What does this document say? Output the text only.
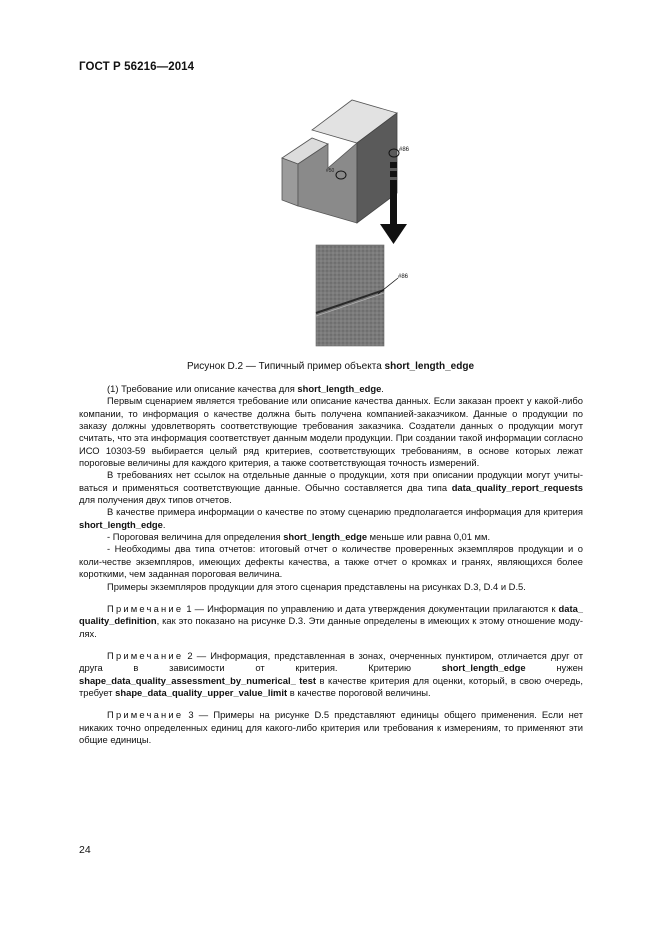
ГОСТ Р 56216—2014
#86
#50
#86
Рисунок D.2 — Типичный пример объекта short_length_edge

(1) Требование или описание качества для short_length_edge.

Первым сценарием является требование или описание качества данных. Если заказан проект у какой-либо компании, то информация о качестве должна быть получена компанией-заказчиком. Данные о продукции по заказу должны удовлетворять соответствующие требования заказчика. Создатели данных о продукции могут считать, что эта информация соответствует данным модели продукции. При создании такой информации согласно ИСО 10303-59 выбирается целый ряд критериев, соответствующих требованиям, в основе которых лежат пороговые величины для каждого критерия, а также соответствующая точность измерений.

В требованиях нет ссылок на отдельные данные о продукции, хотя при описании продукции могут учиты-ваться и применяться соответствующие данные. Обычно составляется два типа data_quality_report_requests для получения двух типов отчетов.

В качестве примера информации о качестве по этому сценарию предполагается информация для критерия short_length_edge.

- Пороговая величина для определения short_length_edge меньше или равна 0,01 мм.

- Необходимы два типа отчетов: итоговый отчет о количестве проверенных экземпляров продукции и о коли-честве экземпляров, имеющих дефекты качества, а также отчет о кромках и гранях, являющихся более короткими, чем заданная пороговая величина.

Примеры экземпляров продукции для этого сценария представлены на рисунках D.3, D.4 и D.5.

Примечание 1 — Информация по управлению и дата утверждения документации прилагаются к data_ quality_definition, как это показано на рисунке D.3. Эти данные определены в имеющих к этому отношение моду-лях.

Примечание 2 — Информация, представленная в зонах, очерченных пунктиром, отличается друг от друга в зависимости от критерия. Критерию short_length_edge нужен shape_data_quality_assessment_by_numerical_ test в качестве критерия для оценки, который, в свою очередь, требует shape_data_quality_upper_value_limit в качестве пороговой величины.

Примечание 3 — Примеры на рисунке D.5 представляют единицы общего применения. Если нет никаких точно определенных единиц для какого-либо критерия или требования к измерениям, то применяют эти общие единицы.

24
